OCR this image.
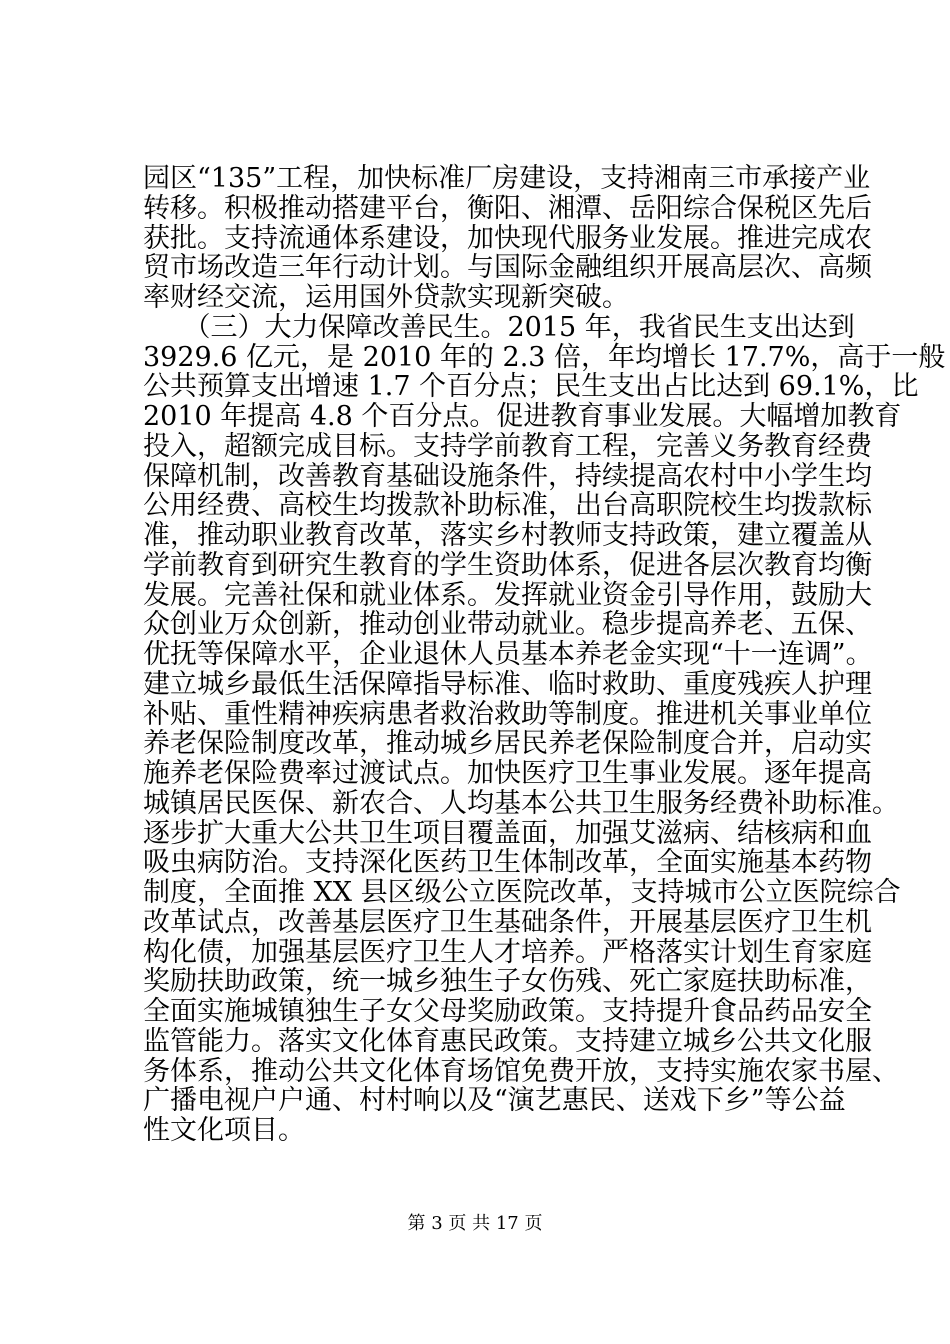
园区“135”工程，加快标准厂房建设，支持湘南三市承接产业
转移。积极推动搭建平台，衡阳、湘潭、岳阳综合保税区先后
获批。支持流通体系建设，加快现代服务业发展。推进完成农
贸市场改造三年行动计划。与国际金融组织开展高层次、高频
率财经交流，运用国外贷款实现新突破。
　　（三）大力保障改善民生。2015 年，我省民生支出达到
3929.6 亿元，是 2010 年的 2.3 倍，年均增长 17.7%，高于一般
公共预算支出增速 1.7 个百分点；民生支出占比达到 69.1%，比
2010 年提高 4.8 个百分点。促进教育事业发展。大幅增加教育
投入，超额完成目标。支持学前教育工程，完善义务教育经费
保障机制，改善教育基础设施条件，持续提高农村中小学生均
公用经费、高校生均拨款补助标准，出台高职院校生均拨款标
准，推动职业教育改革，落实乡村教师支持政策，建立覆盖从
学前教育到研究生教育的学生资助体系，促进各层次教育均衡
发展。完善社保和就业体系。发挥就业资金引导作用，鼓励大
众创业万众创新，推动创业带动就业。稳步提高养老、五保、
优抚等保障水平，企业退休人员基本养老金实现“十一连调”。
建立城乡最低生活保障指导标准、临时救助、重度残疾人护理
补贴、重性精神疾病患者救治救助等制度。推进机关事业单位
养老保险制度改革，推动城乡居民养老保险制度合并，启动实
施养老保险费率过渡试点。加快医疗卫生事业发展。逐年提高
城镇居民医保、新农合、人均基本公共卫生服务经费补助标准。
逐步扩大重大公共卫生项目覆盖面，加强艾滋病、结核病和血
吸虫病防治。支持深化医药卫生体制改革，全面实施基本药物
制度，全面推 XX 县区级公立医院改革，支持城市公立医院综合
改革试点，改善基层医疗卫生基础条件，开展基层医疗卫生机
构化债，加强基层医疗卫生人才培养。严格落实计划生育家庭
奖励扶助政策，统一城乡独生子女伤残、死亡家庭扶助标准，
全面实施城镇独生子女父母奖励政策。支持提升食品药品安全
监管能力。落实文化体育惠民政策。支持建立城乡公共文化服
务体系，推动公共文化体育场馆免费开放，支持实施农家书屋、
广播电视户户通、村村响以及“演艺惠民、送戏下乡”等公益
性文化项目。
第 3 页 共 17 页
